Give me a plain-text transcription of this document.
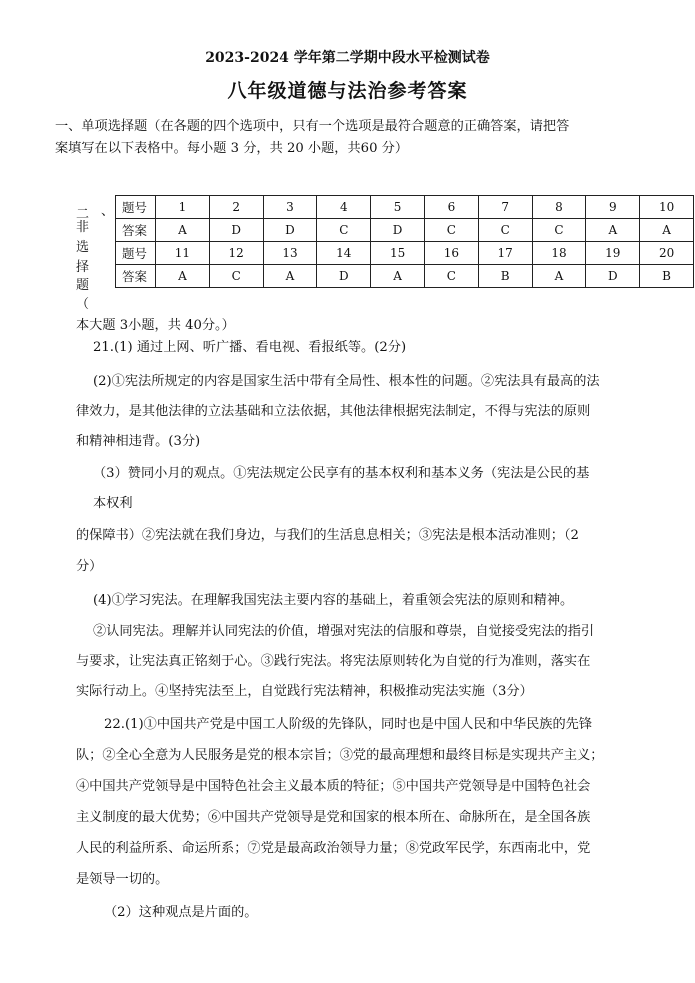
2023-2024 学年第二学期中段水平检测试卷
八年级道德与法治参考答案
一、单项选择题（在各题的四个选项中，只有一个选项是最符合题意的正确答案，请把答
案填写在以下表格中。每小题 3 分，共 20 小题，共60 分）
二 、
非
选
择
题
（
题号	1	2	3	4	5	6	7	8	9	10
答案	A	D	D	C	D	C	C	C	A	A
题号	11	12	13	14	15	16	17	18	19	20
答案	A	C	A	D	A	C	B	A	D	B
本大题 3小题，共 40分。）
21.(1) 通过上网、听广播、看电视、看报纸等。(2分)
(2)①宪法所规定的内容是国家生活中带有全局性、根本性的问题。②宪法具有最高的法
律效力，是其他法律的立法基础和立法依据，其他法律根据宪法制定，不得与宪法的原则
和精神相违背。(3分)
（3）赞同小月的观点。①宪法规定公民享有的基本权利和基本义务（宪法是公民的基
本权利
的保障书）②宪法就在我们身边，与我们的生活息息相关；③宪法是根本活动准则；（2
分）
(4)①学习宪法。在理解我国宪法主要内容的基础上，着重领会宪法的原则和精神。
②认同宪法。理解并认同宪法的价值，增强对宪法的信服和尊崇，自觉接受宪法的指引
与要求，让宪法真正铭刻于心。③践行宪法。将宪法原则转化为自觉的行为准则，落实在
实际行动上。④坚持宪法至上，自觉践行宪法精神，积极推动宪法实施（3分）
22.(1)①中国共产党是中国工人阶级的先锋队，同时也是中国人民和中华民族的先锋
队；②全心全意为人民服务是党的根本宗旨；③党的最高理想和最终目标是实现共产主义；
④中国共产党领导是中国特色社会主义最本质的特征；⑤中国共产党领导是中国特色社会
主义制度的最大优势；⑥中国共产党领导是党和国家的根本所在、命脉所在，是全国各族
人民的利益所系、命运所系；⑦党是最高政治领导力量；⑧党政军民学，东西南北中，党
是领导一切的。
（2）这种观点是片面的。
